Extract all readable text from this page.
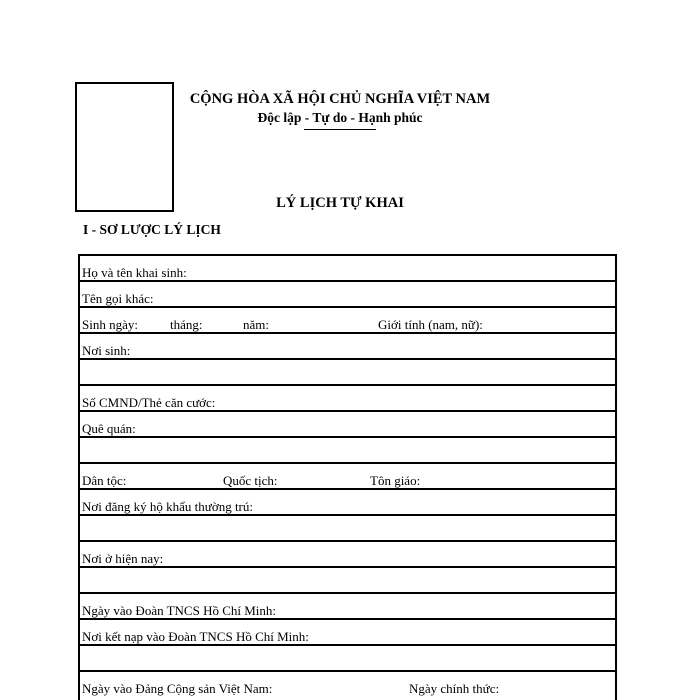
CỘNG HÒA XÃ HỘI CHỦ NGHĨA VIỆT NAM
Độc lập - Tự do - Hạnh phúc
LÝ LỊCH TỰ KHAI
I - SƠ LƯỢC LÝ LỊCH
Họ và tên khai sinh:
Tên gọi khác:
Sinh ngày: tháng:	năm:	Giới tính (nam, nữ):
Nơi sinh:
Số CMND/Thẻ căn cước:
Quê quán:
Dân tộc:	Quốc tịch:	Tôn giáo:
Nơi đăng ký hộ khẩu thường trú:
Nơi ở hiện nay:
Ngày vào Đoàn TNCS Hồ Chí Minh:
Nơi kết nạp vào Đoàn TNCS Hồ Chí Minh:
Ngày vào Đảng Cộng sản Việt Nam:	Ngày chính thức:
